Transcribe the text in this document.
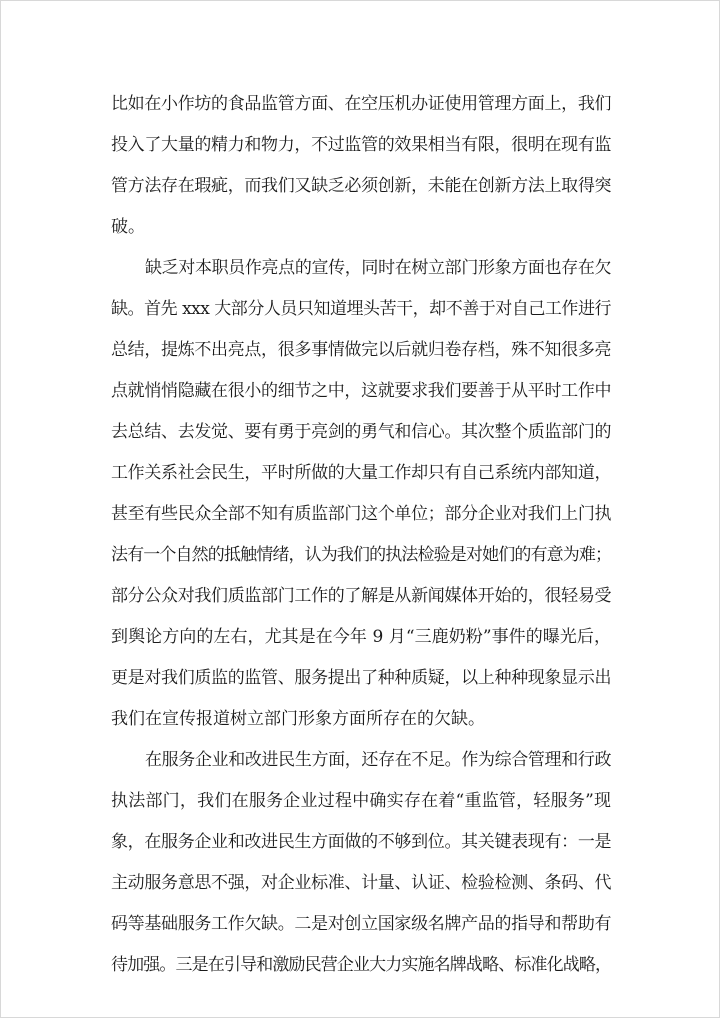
比如在小作坊的食品监管方面、在空压机办证使用管理方面上，我们
投入了大量的精力和物力，不过监管的效果相当有限，很明在现有监
管方法存在瑕疵，而我们又缺乏必须创新，未能在创新方法上取得突
破。
缺乏对本职员作亮点的宣传，同时在树立部门形象方面也存在欠
缺。首先 xxx 大部分人员只知道埋头苦干，却不善于对自己工作进行
总结，提炼不出亮点，很多事情做完以后就归卷存档，殊不知很多亮
点就悄悄隐藏在很小的细节之中，这就要求我们要善于从平时工作中
去总结、去发觉、要有勇于亮剑的勇气和信心。其次整个质监部门的
工作关系社会民生，平时所做的大量工作却只有自己系统内部知道，
甚至有些民众全部不知有质监部门这个单位；部分企业对我们上门执
法有一个自然的抵触情绪，认为我们的执法检验是对她们的有意为难；
部分公众对我们质监部门工作的了解是从新闻媒体开始的，很轻易受
到舆论方向的左右，尤其是在今年 9 月“三鹿奶粉”事件的曝光后，
更是对我们质监的监管、服务提出了种种质疑，以上种种现象显示出
我们在宣传报道树立部门形象方面所存在的欠缺。
在服务企业和改进民生方面，还存在不足。作为综合管理和行政
执法部门，我们在服务企业过程中确实存在着“重监管，轻服务”现
象，在服务企业和改进民生方面做的不够到位。其关键表现有：一是
主动服务意思不强，对企业标准、计量、认证、检验检测、条码、代
码等基础服务工作欠缺。二是对创立国家级名牌产品的指导和帮助有
待加强。三是在引导和激励民营企业大力实施名牌战略、标准化战略，
